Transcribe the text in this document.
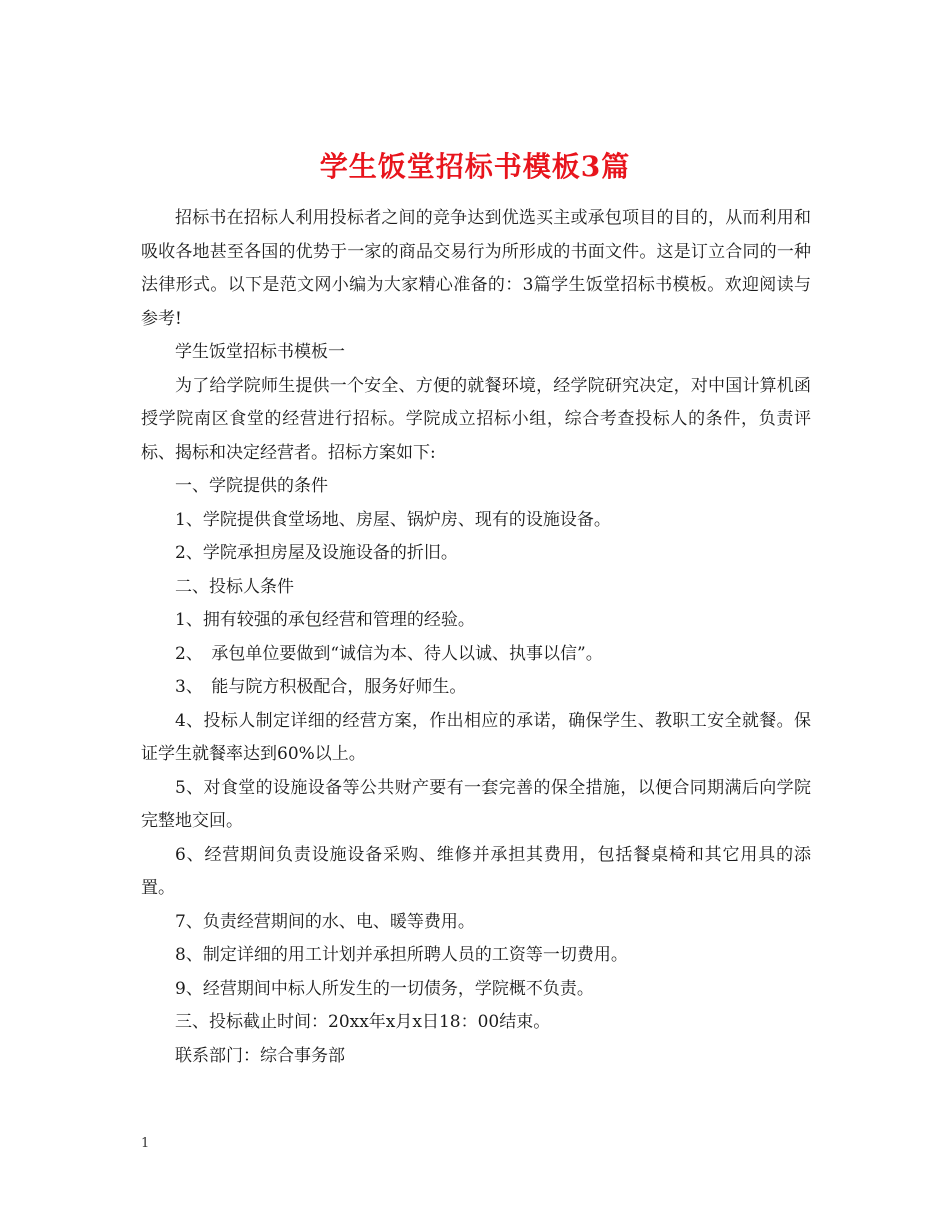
学生饭堂招标书模板3篇

招标书在招标人利用投标者之间的竞争达到优选买主或承包项目的目的，从而利用和吸收各地甚至各国的优势于一家的商品交易行为所形成的书面文件。这是订立合同的一种法律形式。以下是范文网小编为大家精心准备的：3篇学生饭堂招标书模板。欢迎阅读与参考!

学生饭堂招标书模板一

为了给学院师生提供一个安全、方便的就餐环境，经学院研究决定，对中国计算机函授学院南区食堂的经营进行招标。学院成立招标小组，综合考查投标人的条件，负责评标、揭标和决定经营者。招标方案如下:

一、学院提供的条件

1、学院提供食堂场地、房屋、锅炉房、现有的设施设备。

2、学院承担房屋及设施设备的折旧。

二、投标人条件

1、拥有较强的承包经营和管理的经验。

2、　承包单位要做到“诚信为本、待人以诚、执事以信”。

3、　能与院方积极配合，服务好师生。

4、投标人制定详细的经营方案，作出相应的承诺，确保学生、教职工安全就餐。保证学生就餐率达到60%以上。

5、对食堂的设施设备等公共财产要有一套完善的保全措施，以便合同期满后向学院完整地交回。

6、经营期间负责设施设备采购、维修并承担其费用，包括餐桌椅和其它用具的添置。

7、负责经营期间的水、电、暖等费用。

8、制定详细的用工计划并承担所聘人员的工资等一切费用。

9、经营期间中标人所发生的一切债务，学院概不负责。

三、投标截止时间：20xx年x月x日18：00结束。

联系部门：综合事务部

1
